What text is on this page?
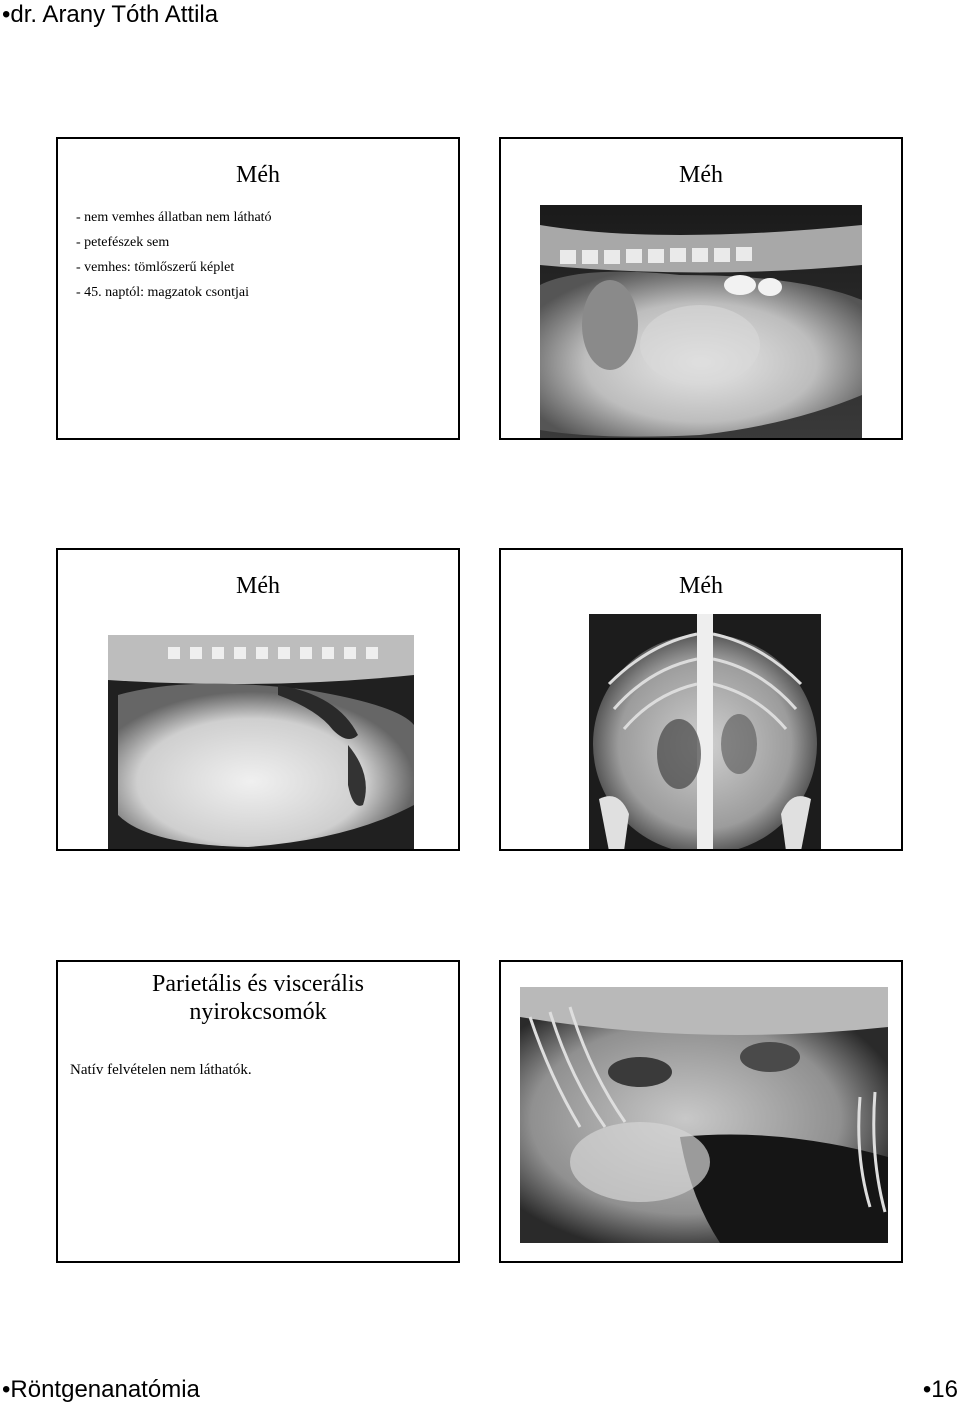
•dr. Arany Tóth Attila
Méh
- nem vemhes állatban nem látható
- petefészek sem
- vemhes: tömlőszerű képlet
- 45. naptól: magzatok csontjai
Méh
Méh	Méh
Parietális és viscerális
nyirokcsomók
Natív felvételen nem láthatók.
•Röntgenanatómia	•16
